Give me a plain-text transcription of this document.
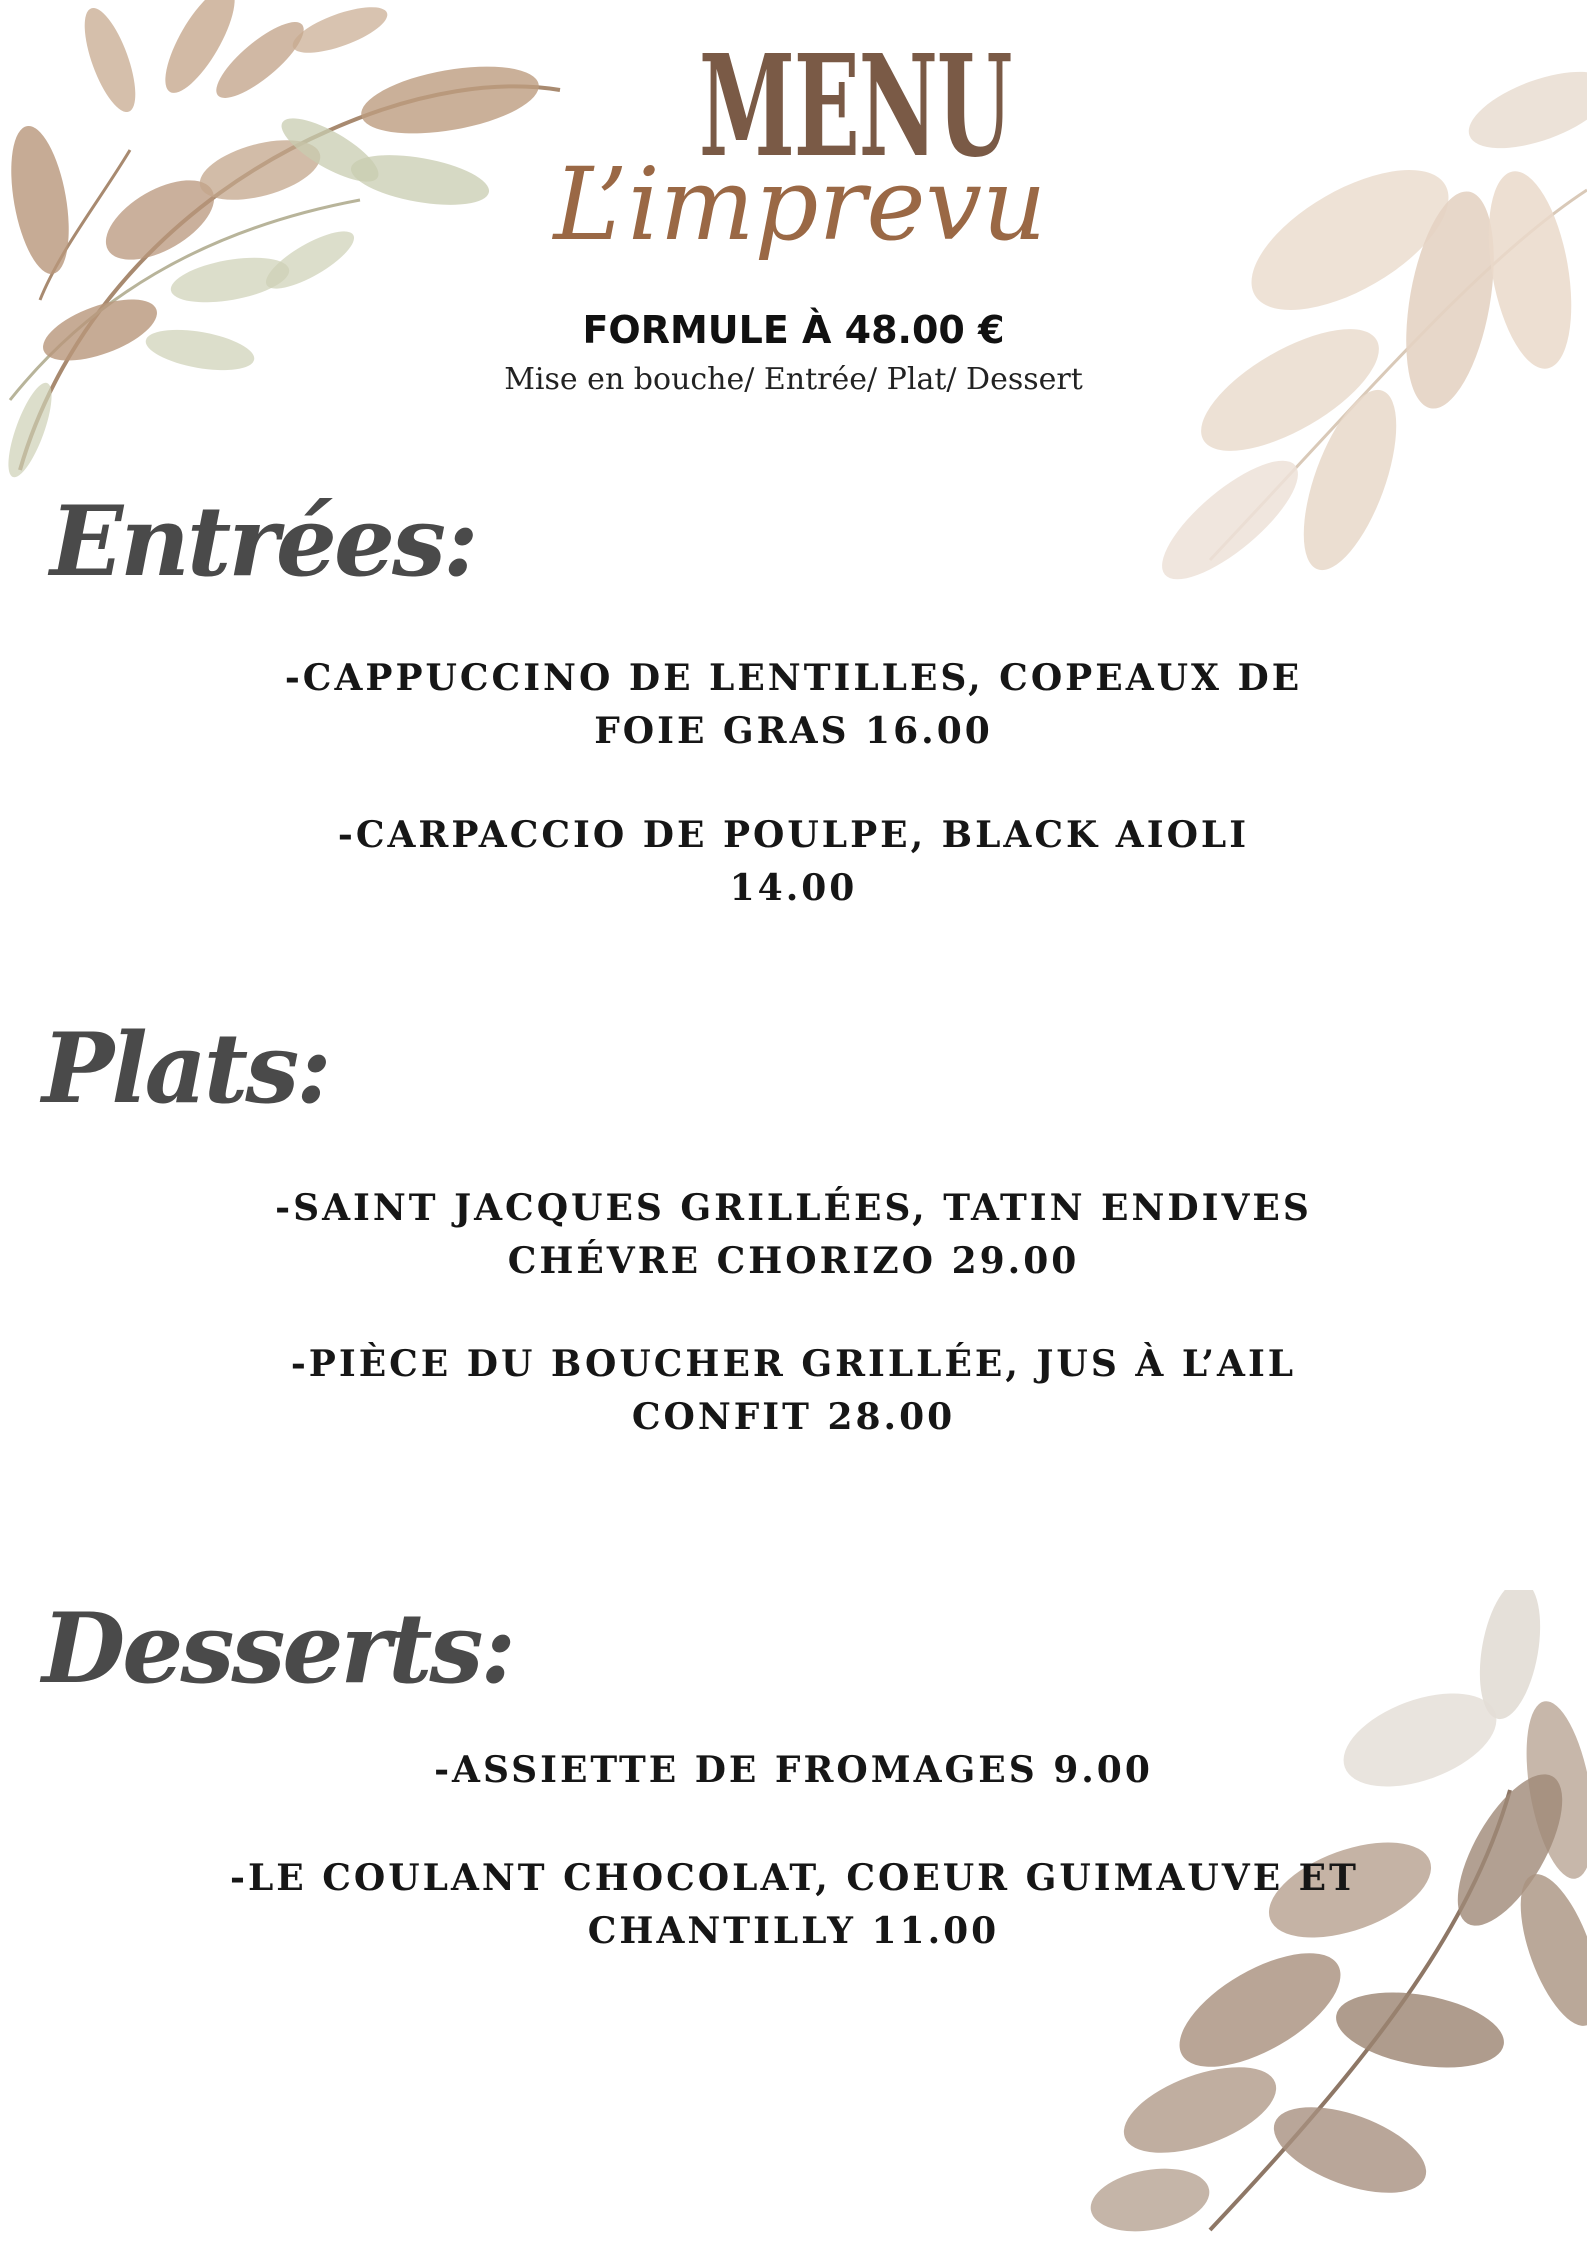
MENU
L’imprevu
FORMULE À 48.00 €
Mise en bouche/ Entrée/ Plat/ Dessert
Entrées:
-CAPPUCCINO DE LENTILLES, COPEAUX DE
FOIE GRAS 16.00
-CARPACCIO DE POULPE, BLACK AIOLI
14.00
Plats:
-SAINT JACQUES GRILLÉES, TATIN ENDIVES
CHÉVRE CHORIZO 29.00
-PIÈCE DU BOUCHER GRILLÉE, JUS À L’AIL
CONFIT 28.00
Desserts:
-ASSIETTE DE FROMAGES 9.00
-LE COULANT CHOCOLAT, COEUR GUIMAUVE ET
CHANTILLY 11.00
